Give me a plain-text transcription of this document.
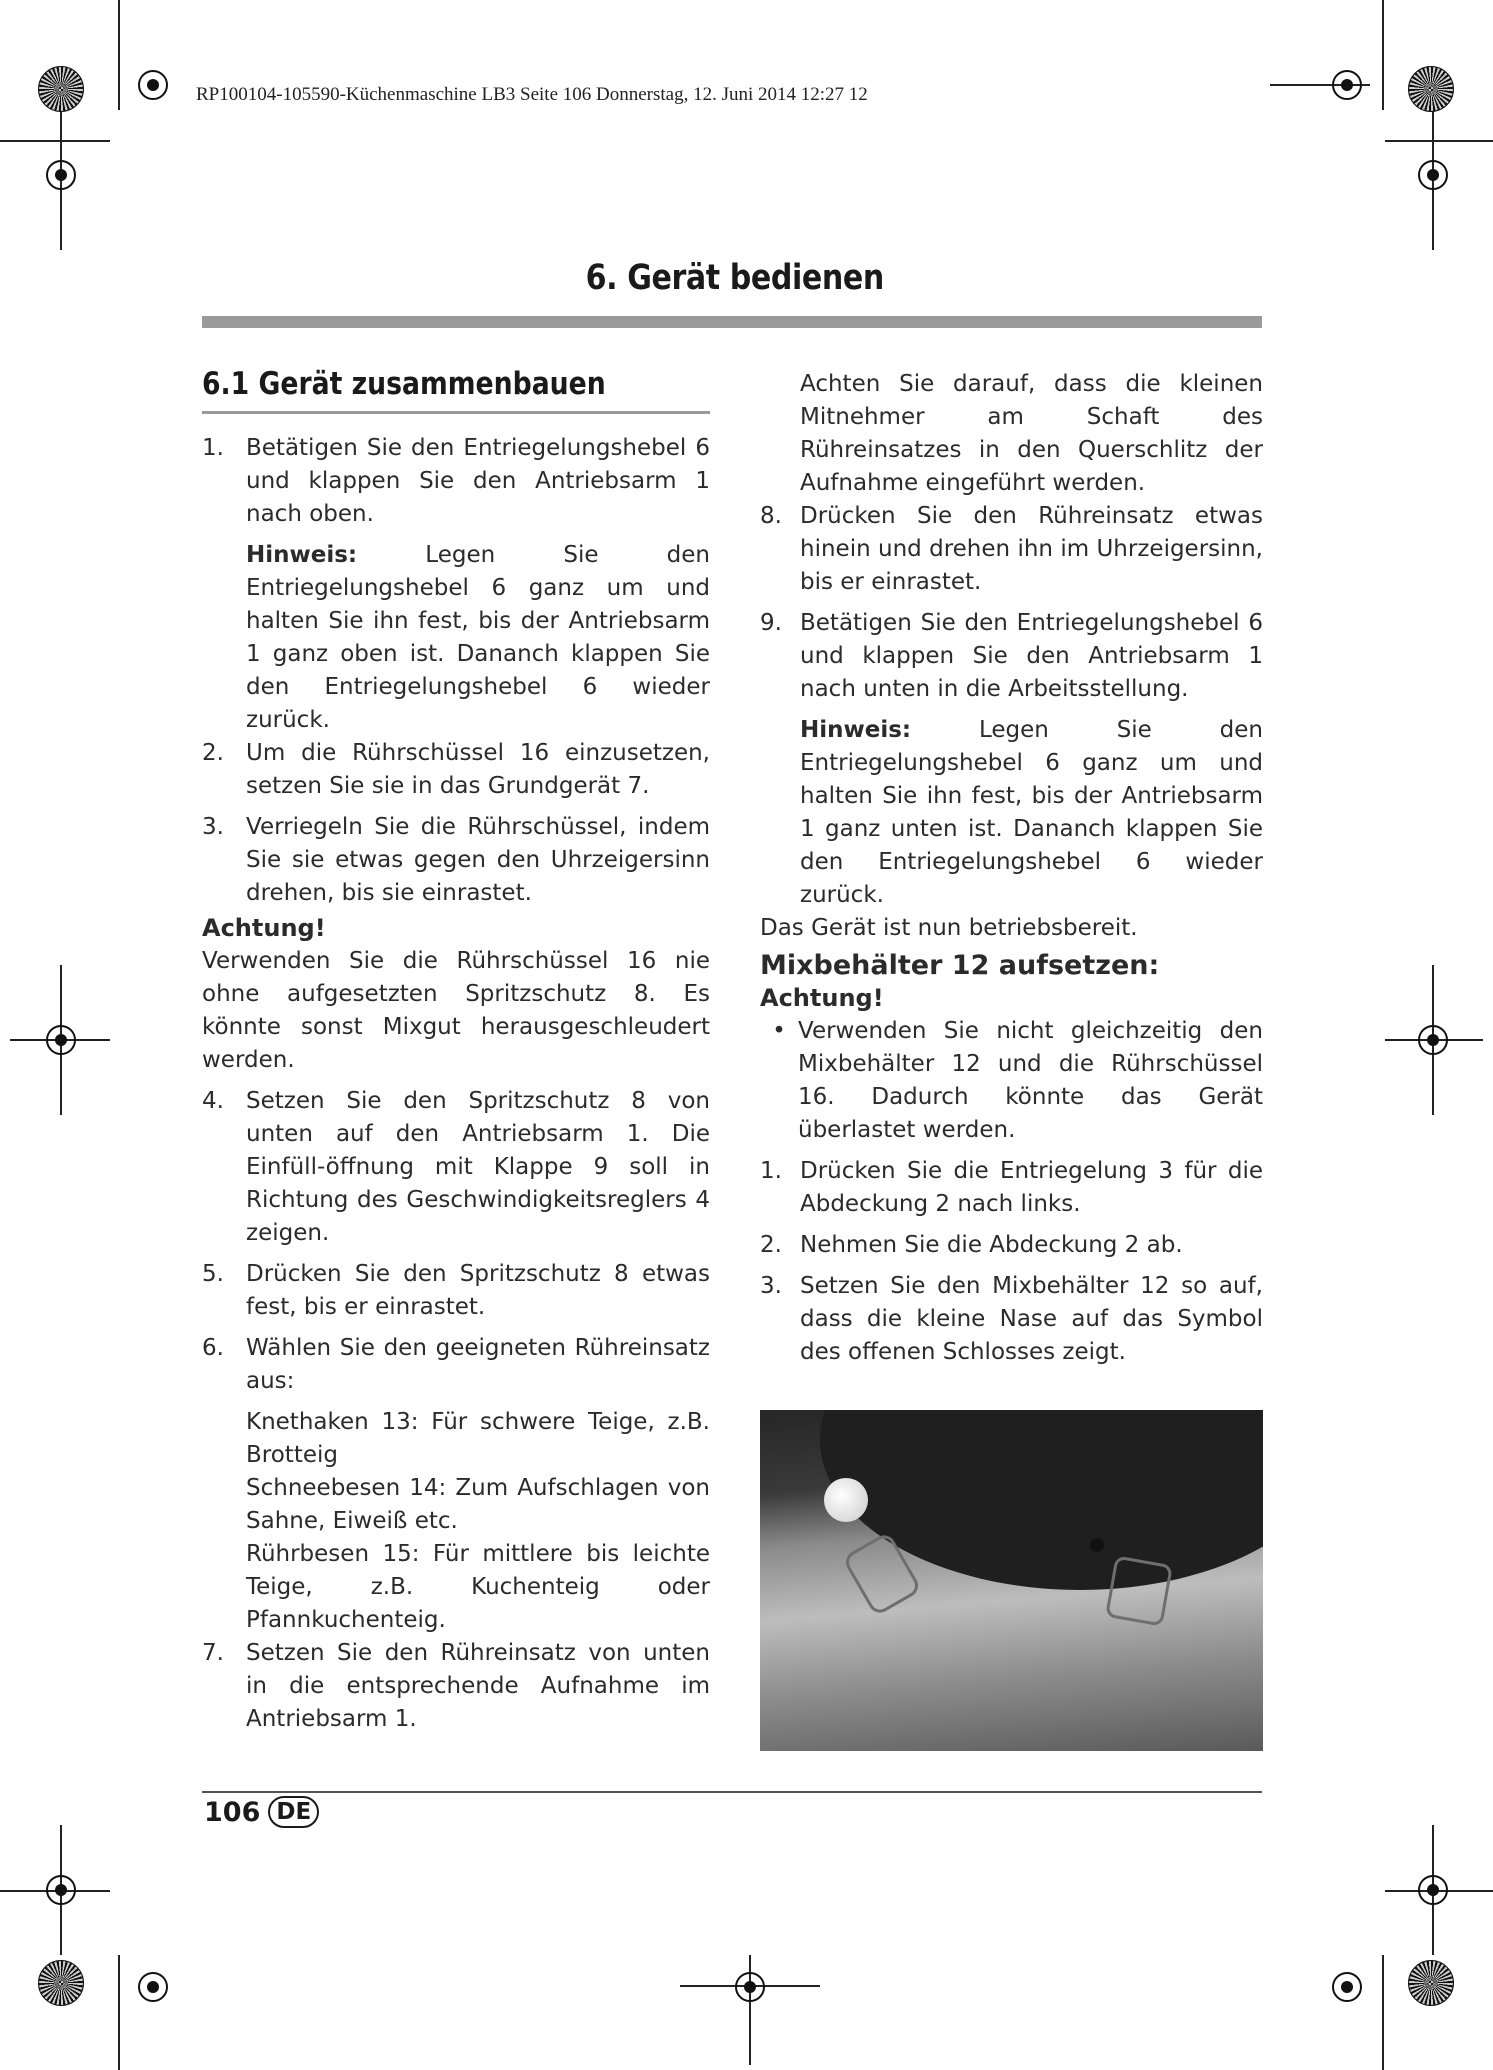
RP100104-105590-Küchenmaschine LB3 Seite 106 Donnerstag, 12. Juni 2014 12:27 12
6. Gerät bedienen
6.1 Gerät zusammenbauen
1. Betätigen Sie den Entriegelungshebel 6 und klappen Sie den Antriebsarm 1 nach oben.

Hinweis: Legen Sie den Entriegelungshebel 6 ganz um und halten Sie ihn fest, bis der Antriebsarm 1 ganz oben ist. Dananch klappen Sie den Entriegelungshebel 6 wieder zurück.

2. Um die Rührschüssel 16 einzusetzen, setzen Sie sie in das Grundgerät 7.
3. Verriegeln Sie die Rührschüssel, indem Sie sie etwas gegen den Uhrzeigersinn drehen, bis sie einrastet.

Achtung!

Verwenden Sie die Rührschüssel 16 nie ohne aufgesetzten Spritzschutz 8. Es könnte sonst Mixgut herausgeschleudert werden.

4. Setzen Sie den Spritzschutz 8 von unten auf den Antriebsarm 1. Die Einfüll-öffnung mit Klappe 9 soll in Richtung des Geschwindigkeitsreglers 4 zeigen.
5. Drücken Sie den Spritzschutz 8 etwas fest, bis er einrastet.
6. Wählen Sie den geeigneten Rühreinsatz aus:

Knethaken 13: Für schwere Teige, z.B. Brotteig

Schneebesen 14: Zum Aufschlagen von Sahne, Eiweiß etc.

Rührbesen 15: Für mittlere bis leichte Teige, z.B. Kuchenteig oder Pfannkuchenteig.

7. Setzen Sie den Rühreinsatz von unten in die entsprechende Aufnahme im Antriebsarm 1.

Achten Sie darauf, dass die kleinen Mitnehmer am Schaft des Rühreinsatzes in den Querschlitz der Aufnahme eingeführt werden.

8. Drücken Sie den Rühreinsatz etwas hinein und drehen ihn im Uhrzeigersinn, bis er einrastet.
9. Betätigen Sie den Entriegelungshebel 6 und klappen Sie den Antriebsarm 1 nach unten in die Arbeitsstellung.

Hinweis: Legen Sie den Entriegelungshebel 6 ganz um und halten Sie ihn fest, bis der Antriebsarm 1 ganz unten ist. Dananch klappen Sie den Entriegelungshebel 6 wieder zurück.

Das Gerät ist nun betriebsbereit.

Mixbehälter 12 aufsetzen:

Achtung!

• Verwenden Sie nicht gleichzeitig den Mixbehälter 12 und die Rührschüssel 16. Dadurch könnte das Gerät überlastet werden.
1. Drücken Sie die Entriegelung 3 für die Abdeckung 2 nach links.
2. Nehmen Sie die Abdeckung 2 ab.
3. Setzen Sie den Mixbehälter 12 so auf, dass die kleine Nase auf das Symbol des offenen Schlosses zeigt.
106 DE
